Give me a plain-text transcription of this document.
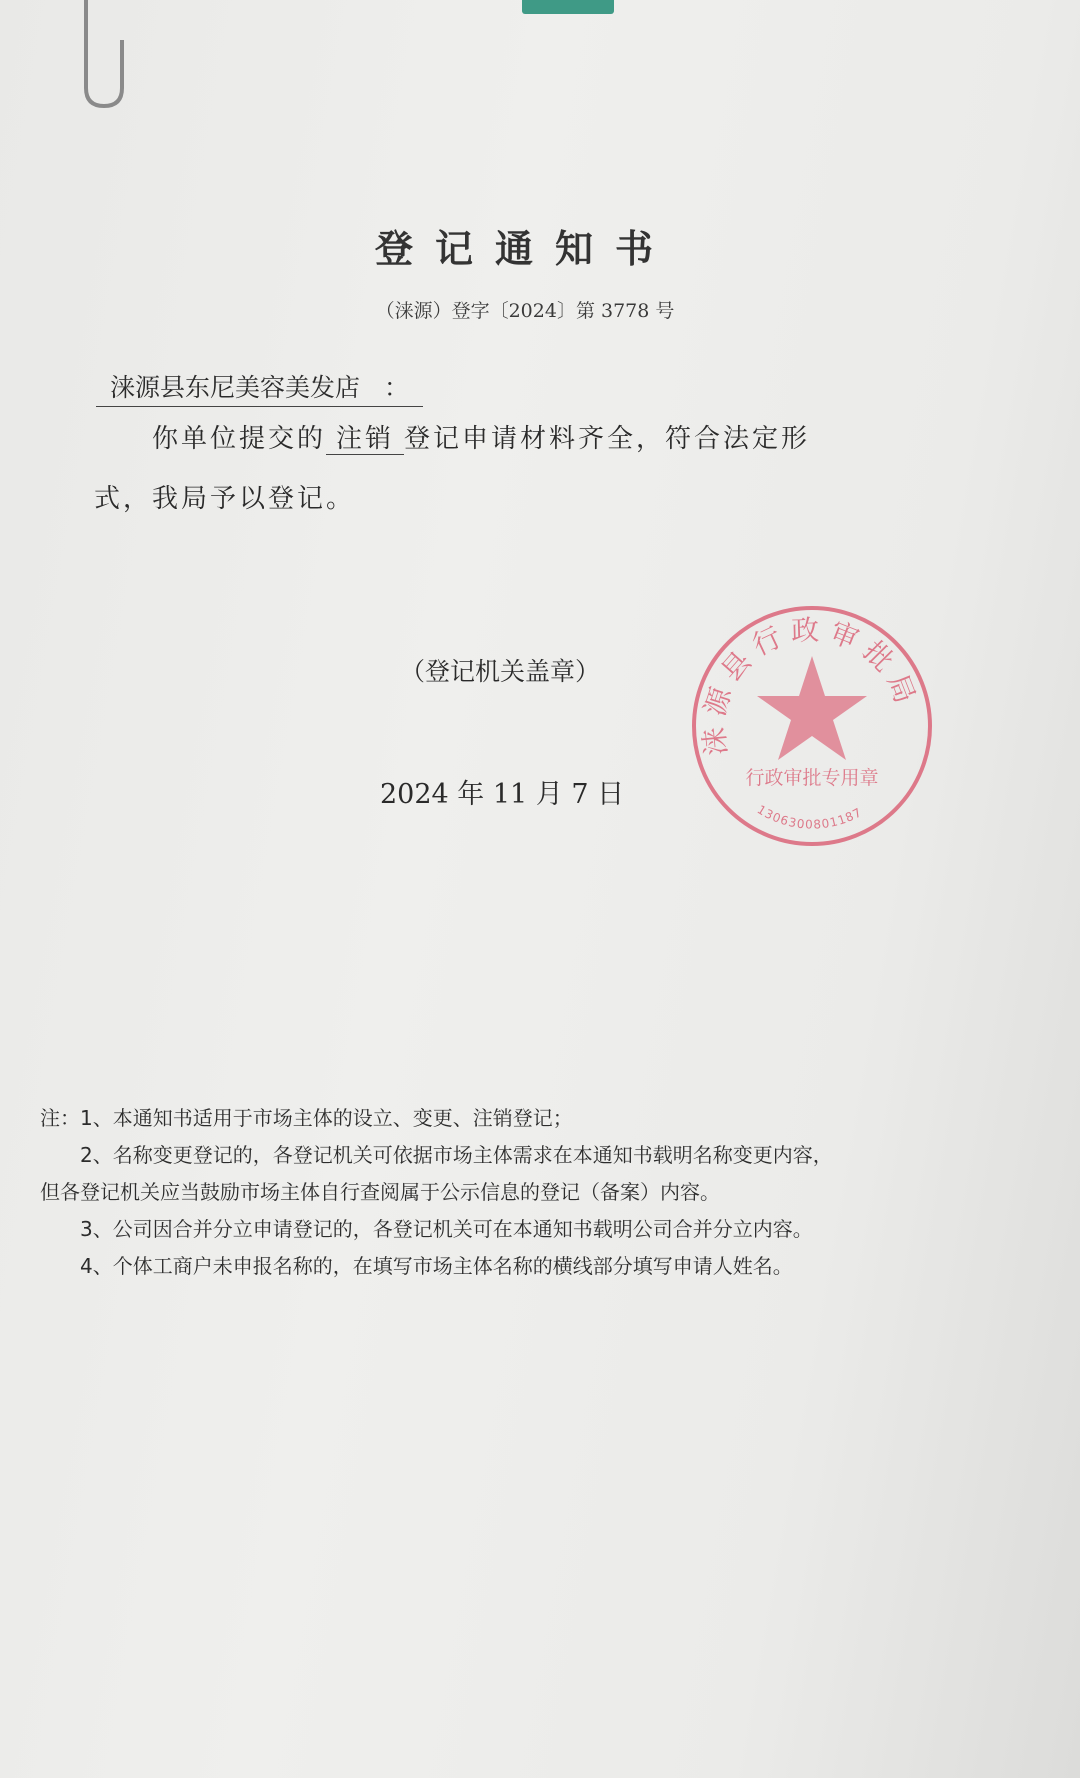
登记通知书
（涞源）登字〔2024〕第 3778 号
涞源县东尼美容美发店 ：
你单位提交的 注销 登记申请材料齐全，符合法定形
式，我局予以登记。
涞源县行政审批局
行政审批专用章
1306300801187
（登记机关盖章）
2024 年 11 月 7 日
注：1、本通知书适用于市场主体的设立、变更、注销登记；
　　2、名称变更登记的，各登记机关可依据市场主体需求在本通知书载明名称变更内容，
但各登记机关应当鼓励市场主体自行查阅属于公示信息的登记（备案）内容。
　　3、公司因合并分立申请登记的，各登记机关可在本通知书载明公司合并分立内容。
　　4、个体工商户未申报名称的，在填写市场主体名称的横线部分填写申请人姓名。
